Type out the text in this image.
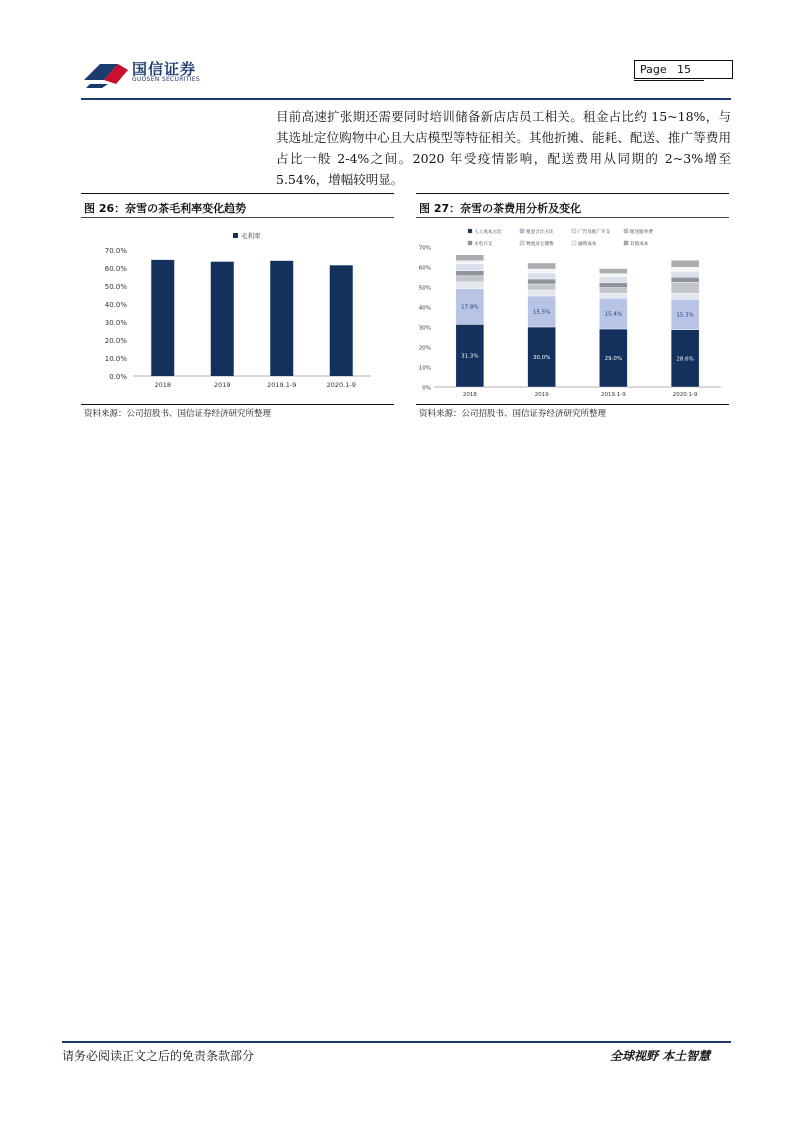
国信证券
GUOSEN SECURITIES
Page 15
目前高速扩张期还需要同时培训储备新店店员工相关。租金占比约 15~18%，与其选址定位购物中心且大店模型等特征相关。其他折摊、能耗、配送、推广等费用占比一般 2-4%之间。2020 年受疫情影响，配送费用从同期的 2~3%增至 5.54%，增幅较明显。
图 26：奈雪の茶毛利率变化趋势
毛利率
0.0%
10.0%
20.0%
30.0%
40.0%
50.0%
60.0%
70.0%
2018	2019	2019.1-9	2020.1-9
资料来源：公司招股书、国信证券经济研究所整理
图 27：奈雪の茶费用分析及变化
人工成本占比	租金合计占比	广告及推广开支	配送服务费
水电开支	物流及仓储费	融资成本	其他成本
0%
10%
20%
30%
40%
50%
60%
70%
31.3%
17.8%
2018
30.0%
15.5%
2019
29.0%
15.4%
2019.1-9
28.6%
15.3%
2020.1-9
资料来源：公司招股书、国信证券经济研究所整理
请务必阅读正文之后的免责条款部分	全球视野 本土智慧
